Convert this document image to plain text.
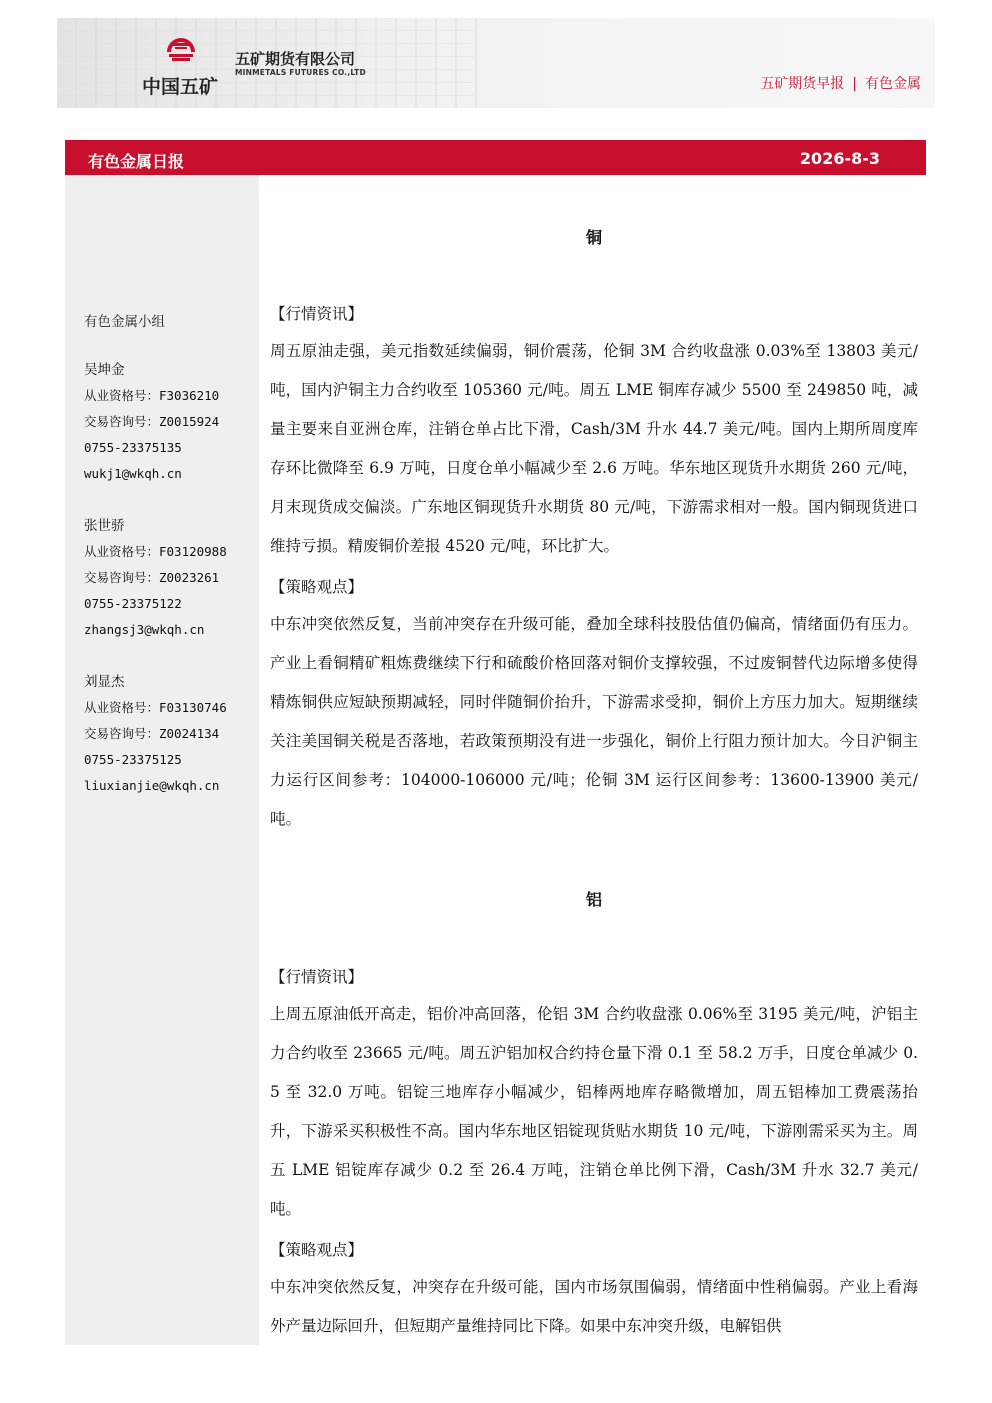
中国五矿
五矿期货有限公司
MINMETALS FUTURES CO.,LTD
五矿期货早报 | 有色金属
有色金属日报	2026-8-3
有色金属小组
吴坤金
从业资格号：F3036210
交易咨询号：Z0015924
0755-23375135
wukj1@wkqh.cn
张世骄
从业资格号：F03120988
交易咨询号：Z0023261
0755-23375122
zhangsj3@wkqh.cn
刘显杰
从业资格号：F03130746
交易咨询号：Z0024134
0755-23375125
liuxianjie@wkqh.cn
铜
【行情资讯】
周五原油走强，美元指数延续偏弱，铜价震荡，伦铜 3M 合约收盘涨 0.03%至 13803 美元/吨，国内沪铜主力合约收至 105360 元/吨。周五 LME 铜库存减少 5500 至 249850 吨，减量主要来自亚洲仓库，注销仓单占比下滑，Cash/3M 升水 44.7 美元/吨。国内上期所周度库存环比微降至 6.9 万吨，日度仓单小幅减少至 2.6 万吨。华东地区现货升水期货 260 元/吨，月末现货成交偏淡。广东地区铜现货升水期货 80 元/吨，下游需求相对一般。国内铜现货进口维持亏损。精废铜价差报 4520 元/吨，环比扩大。
【策略观点】
中东冲突依然反复，当前冲突存在升级可能，叠加全球科技股估值仍偏高，情绪面仍有压力。产业上看铜精矿粗炼费继续下行和硫酸价格回落对铜价支撑较强，不过废铜替代边际增多使得精炼铜供应短缺预期减轻，同时伴随铜价抬升，下游需求受抑，铜价上方压力加大。短期继续关注美国铜关税是否落地，若政策预期没有进一步强化，铜价上行阻力预计加大。今日沪铜主力运行区间参考：104000-106000 元/吨；伦铜 3M 运行区间参考：13600-13900 美元/吨。
铝
【行情资讯】
上周五原油低开高走，铝价冲高回落，伦铝 3M 合约收盘涨 0.06%至 3195 美元/吨，沪铝主力合约收至 23665 元/吨。周五沪铝加权合约持仓量下滑 0.1 至 58.2 万手，日度仓单减少 0.5 至 32.0 万吨。铝锭三地库存小幅减少，铝棒两地库存略微增加，周五铝棒加工费震荡抬升，下游采买积极性不高。国内华东地区铝锭现货贴水期货 10 元/吨，下游刚需采买为主。周五 LME 铝锭库存减少 0.2 至 26.4 万吨，注销仓单比例下滑，Cash/3M 升水 32.7 美元/吨。
【策略观点】
中东冲突依然反复，冲突存在升级可能，国内市场氛围偏弱，情绪面中性稍偏弱。产业上看海外产量边际回升，但短期产量维持同比下降。如果中东冲突升级，电解铝供
